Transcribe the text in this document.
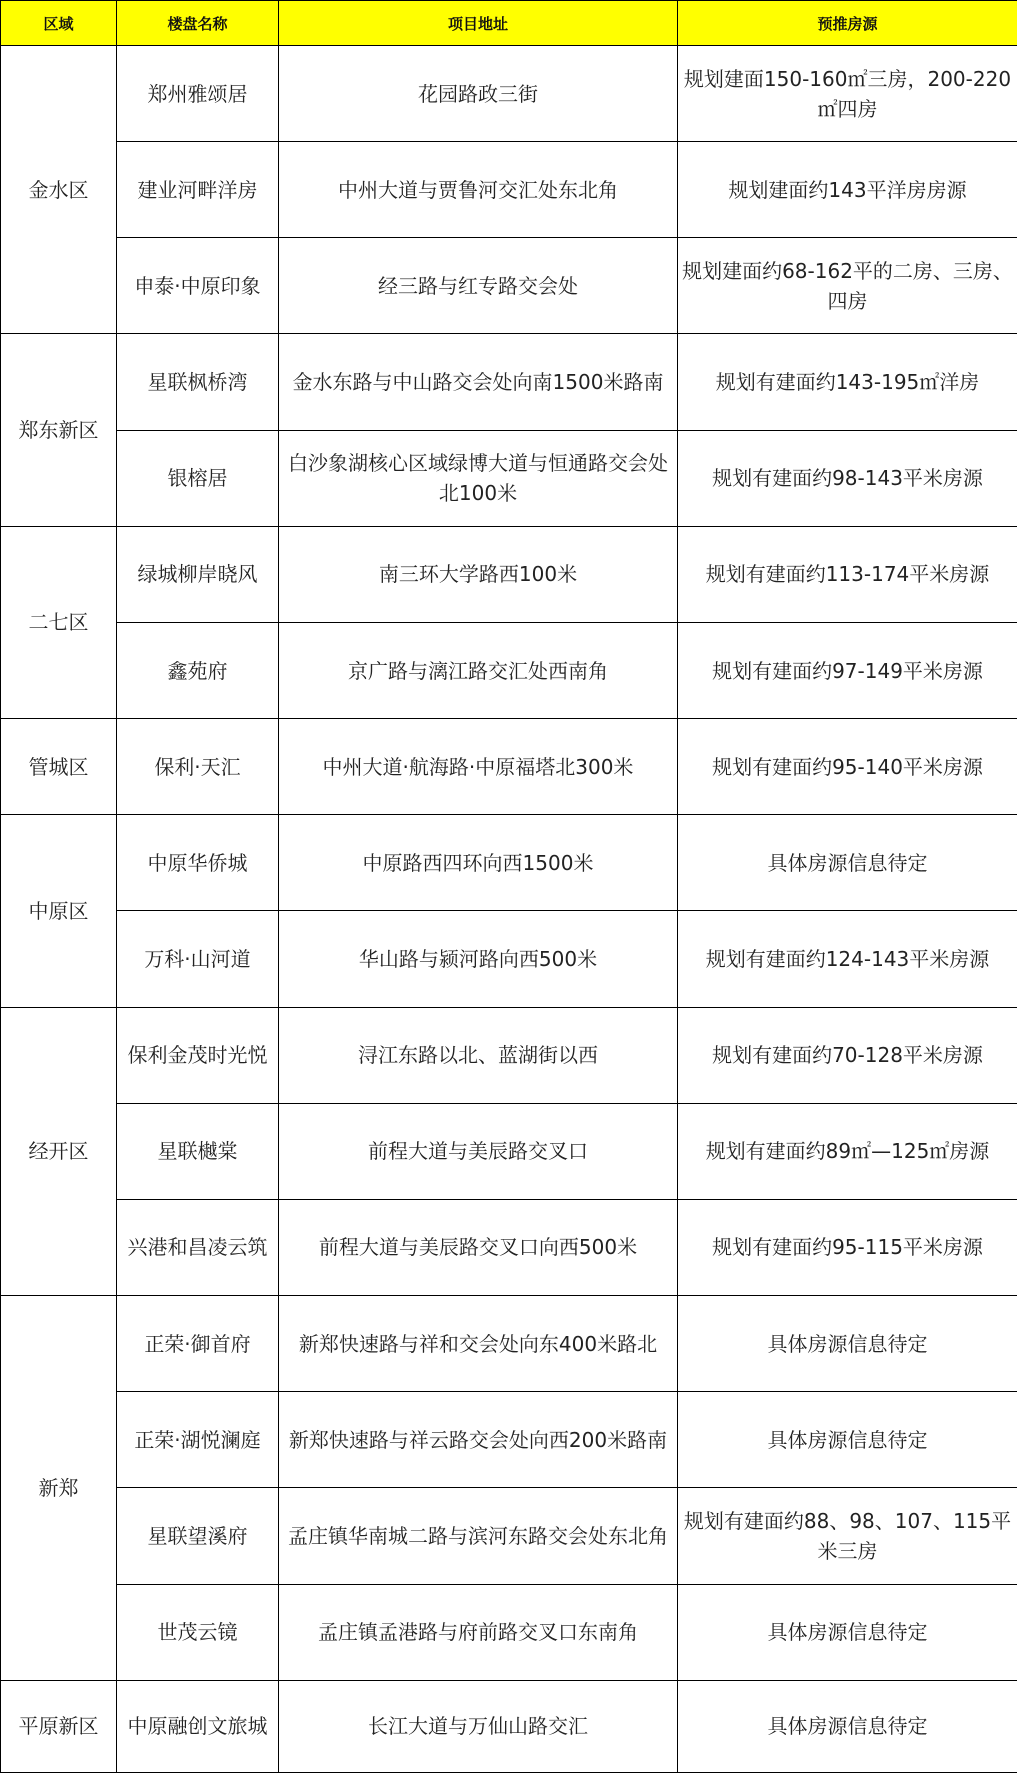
区域	楼盘名称	项目地址	预推房源
金水区	郑州雅颂居	花园路政三街	规划建面150-160㎡三房，200-220㎡四房
	建业河畔洋房	中州大道与贾鲁河交汇处东北角	规划建面约143平洋房房源
	申泰·中原印象	经三路与红专路交会处	规划建面约68-162平的二房、三房、四房
郑东新区	星联枫桥湾	金水东路与中山路交会处向南1500米路南	规划有建面约143-195㎡洋房
	银榕居	白沙象湖核心区域绿博大道与恒通路交会处北100米	规划有建面约98-143平米房源
二七区	绿城柳岸晓风	南三环大学路西100米	规划有建面约113-174平米房源
	鑫苑府	京广路与漓江路交汇处西南角	规划有建面约97-149平米房源
管城区	保利·天汇	中州大道·航海路·中原福塔北300米	规划有建面约95-140平米房源
中原区	中原华侨城	中原路西四环向西1500米	具体房源信息待定
	万科·山河道	华山路与颍河路向西500米	规划有建面约124-143平米房源
经开区	保利金茂时光悦	浔江东路以北、蓝湖街以西	规划有建面约70-128平米房源
	星联樾棠	前程大道与美辰路交叉口	规划有建面约89㎡—125㎡房源
	兴港和昌凌云筑	前程大道与美辰路交叉口向西500米	规划有建面约95-115平米房源
新郑	正荣·御首府	新郑快速路与祥和交会处向东400米路北	具体房源信息待定
	正荣·湖悦澜庭	新郑快速路与祥云路交会处向西200米路南	具体房源信息待定
	星联望溪府	孟庄镇华南城二路与滨河东路交会处东北角	规划有建面约88、98、107、115平米三房
	世茂云镜	孟庄镇孟港路与府前路交叉口东南角	具体房源信息待定
平原新区	中原融创文旅城	长江大道与万仙山路交汇	具体房源信息待定
